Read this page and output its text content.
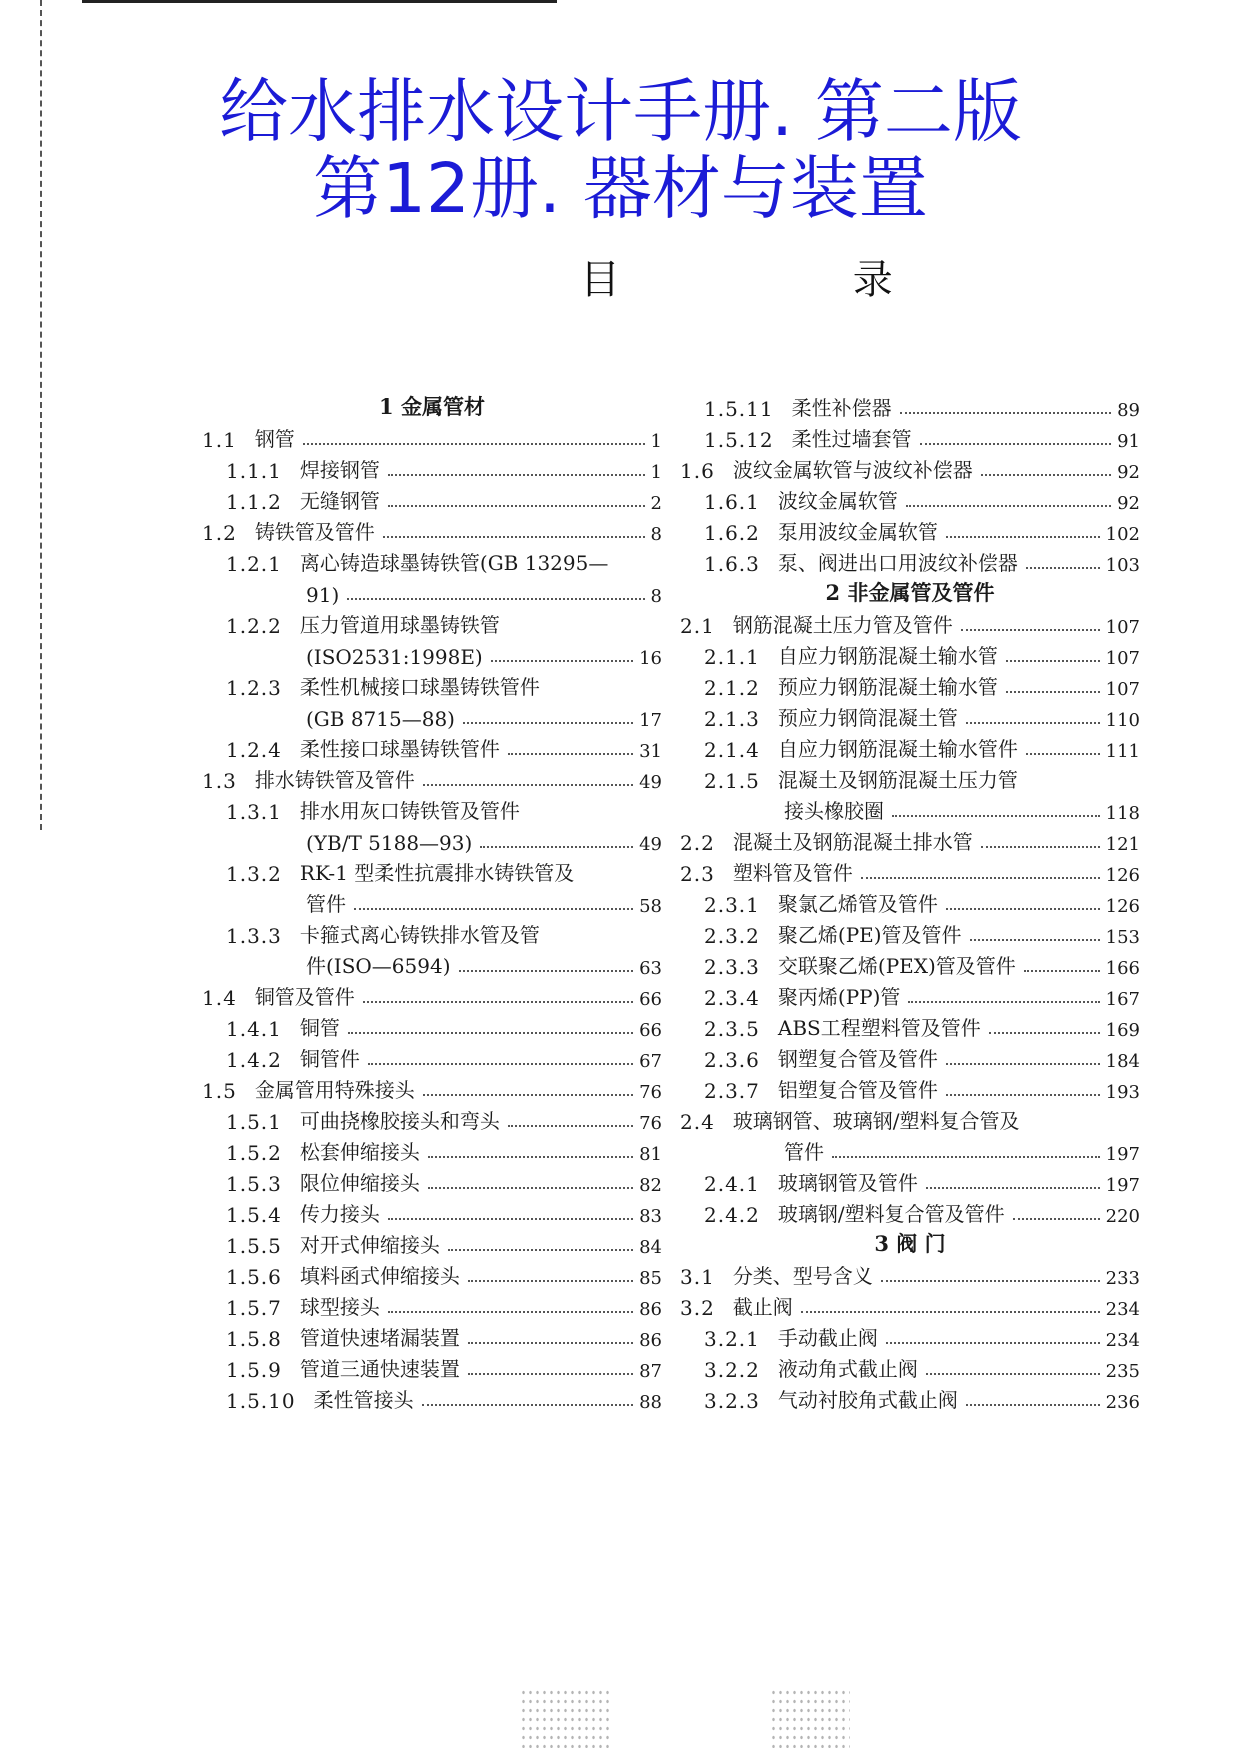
给水排水设计手册. 第二版
第12册. 器材与装置
目 录
1 金属管材
1.1 钢管	1
1.1.1 焊接钢管	1
1.1.2 无缝钢管	2
1.2 铸铁管及管件	8
1.2.1 离心铸造球墨铸铁管(GB 13295—
91)	8
1.2.2 压力管道用球墨铸铁管
(ISO2531:1998E)	16
1.2.3 柔性机械接口球墨铸铁管件
(GB 8715—88)	17
1.2.4 柔性接口球墨铸铁管件	31
1.3 排水铸铁管及管件	49
1.3.1 排水用灰口铸铁管及管件
(YB/T 5188—93)	49
1.3.2 RK-1 型柔性抗震排水铸铁管及
管件	58
1.3.3 卡箍式离心铸铁排水管及管
件(ISO—6594)	63
1.4 铜管及管件	66
1.4.1 铜管	66
1.4.2 铜管件	67
1.5 金属管用特殊接头	76
1.5.1 可曲挠橡胶接头和弯头	76
1.5.2 松套伸缩接头	81
1.5.3 限位伸缩接头	82
1.5.4 传力接头	83
1.5.5 对开式伸缩接头	84
1.5.6 填料函式伸缩接头	85
1.5.7 球型接头	86
1.5.8 管道快速堵漏装置	86
1.5.9 管道三通快速装置	87
1.5.10 柔性管接头	88
1.5.11 柔性补偿器	89
1.5.12 柔性过墙套管	91
1.6 波纹金属软管与波纹补偿器	92
1.6.1 波纹金属软管	92
1.6.2 泵用波纹金属软管	102
1.6.3 泵、阀进出口用波纹补偿器	103
2 非金属管及管件
2.1 钢筋混凝土压力管及管件	107
2.1.1 自应力钢筋混凝土输水管	107
2.1.2 预应力钢筋混凝土输水管	107
2.1.3 预应力钢筒混凝土管	110
2.1.4 自应力钢筋混凝土输水管件	111
2.1.5 混凝土及钢筋混凝土压力管
接头橡胶圈	118
2.2 混凝土及钢筋混凝土排水管	121
2.3 塑料管及管件	126
2.3.1 聚氯乙烯管及管件	126
2.3.2 聚乙烯(PE)管及管件	153
2.3.3 交联聚乙烯(PEX)管及管件	166
2.3.4 聚丙烯(PP)管	167
2.3.5 ABS工程塑料管及管件	169
2.3.6 钢塑复合管及管件	184
2.3.7 铝塑复合管及管件	193
2.4 玻璃钢管、玻璃钢/塑料复合管及
管件	197
2.4.1 玻璃钢管及管件	197
2.4.2 玻璃钢/塑料复合管及管件	220
3 阀 门
3.1 分类、型号含义	233
3.2 截止阀	234
3.2.1 手动截止阀	234
3.2.2 液动角式截止阀	235
3.2.3 气动衬胶角式截止阀	236
